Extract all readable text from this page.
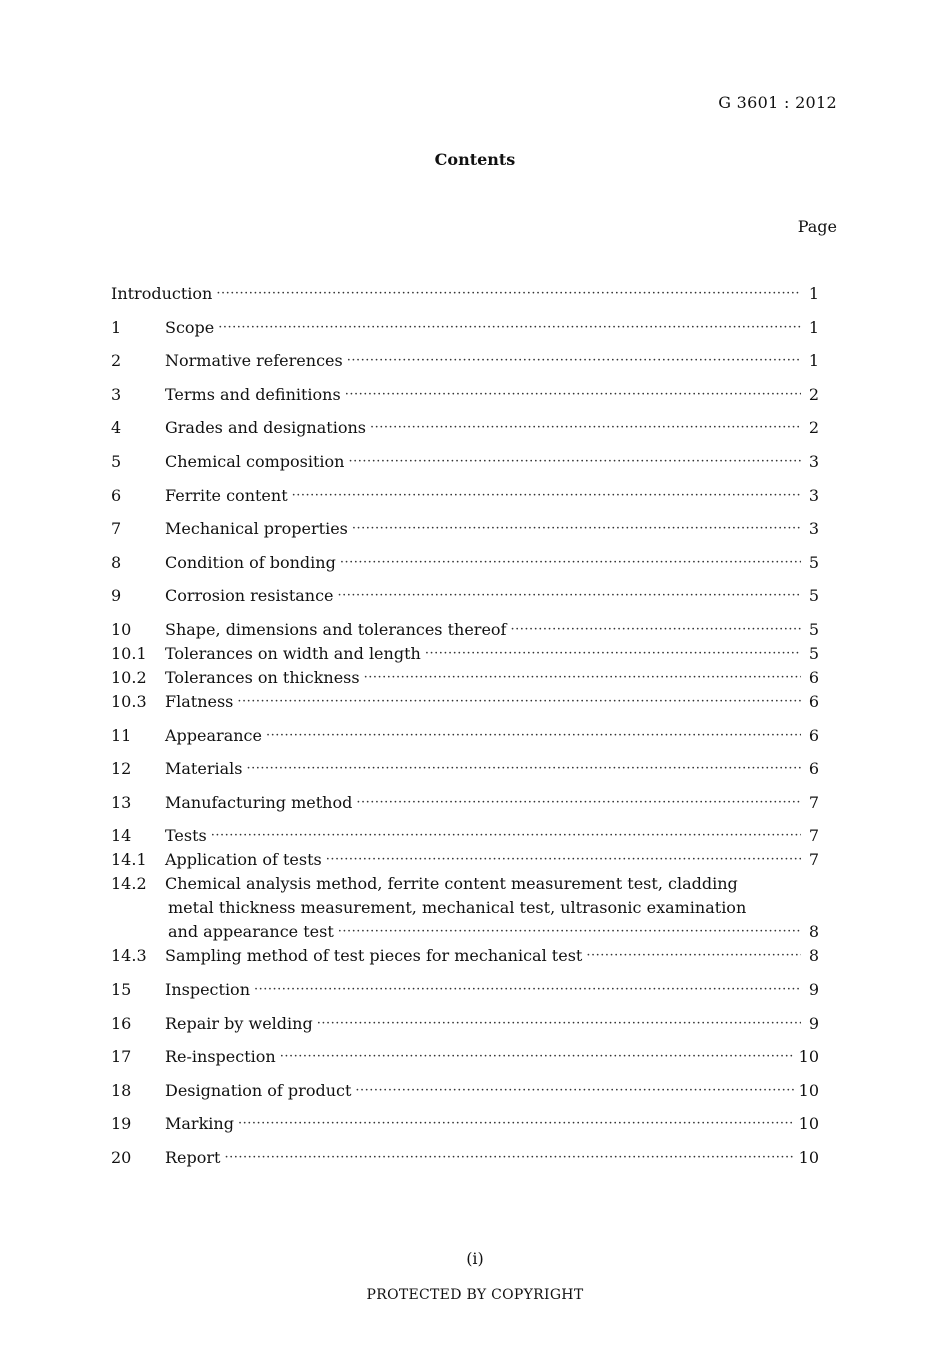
G 3601 : 2012
Contents
Page
Introduction ·····	1
1	Scope ·····	1
2	Normative references ·····	1
3	Terms and definitions ·····	2
4	Grades and designations ·····	2
5	Chemical composition ·····	3
6	Ferrite content ·····	3
7	Mechanical properties ·····	3
8	Condition of bonding ·····	5
9	Corrosion resistance ·····	5
10	Shape, dimensions and tolerances thereof ·····	5
10.1	Tolerances on width and length ·····	5
10.2	Tolerances on thickness ·····	6
10.3	Flatness ·····	6
11	Appearance ·····	6
12	Materials ·····	6
13	Manufacturing method ·····	7
14	Tests ·····	7
14.1	Application of tests ·····	7
14.2	Chemical analysis method, ferrite content measurement test, cladding
metal thickness measurement, mechanical test, ultrasonic examination
and appearance test ·····	8
14.3	Sampling method of test pieces for mechanical test ·····	8
15	Inspection ·····	9
16	Repair by welding ·····	9
17	Re-inspection ·····	10
18	Designation of product ·····	10
19	Marking ·····	10
20	Report ·····	10
(i)
PROTECTED BY COPYRIGHT
